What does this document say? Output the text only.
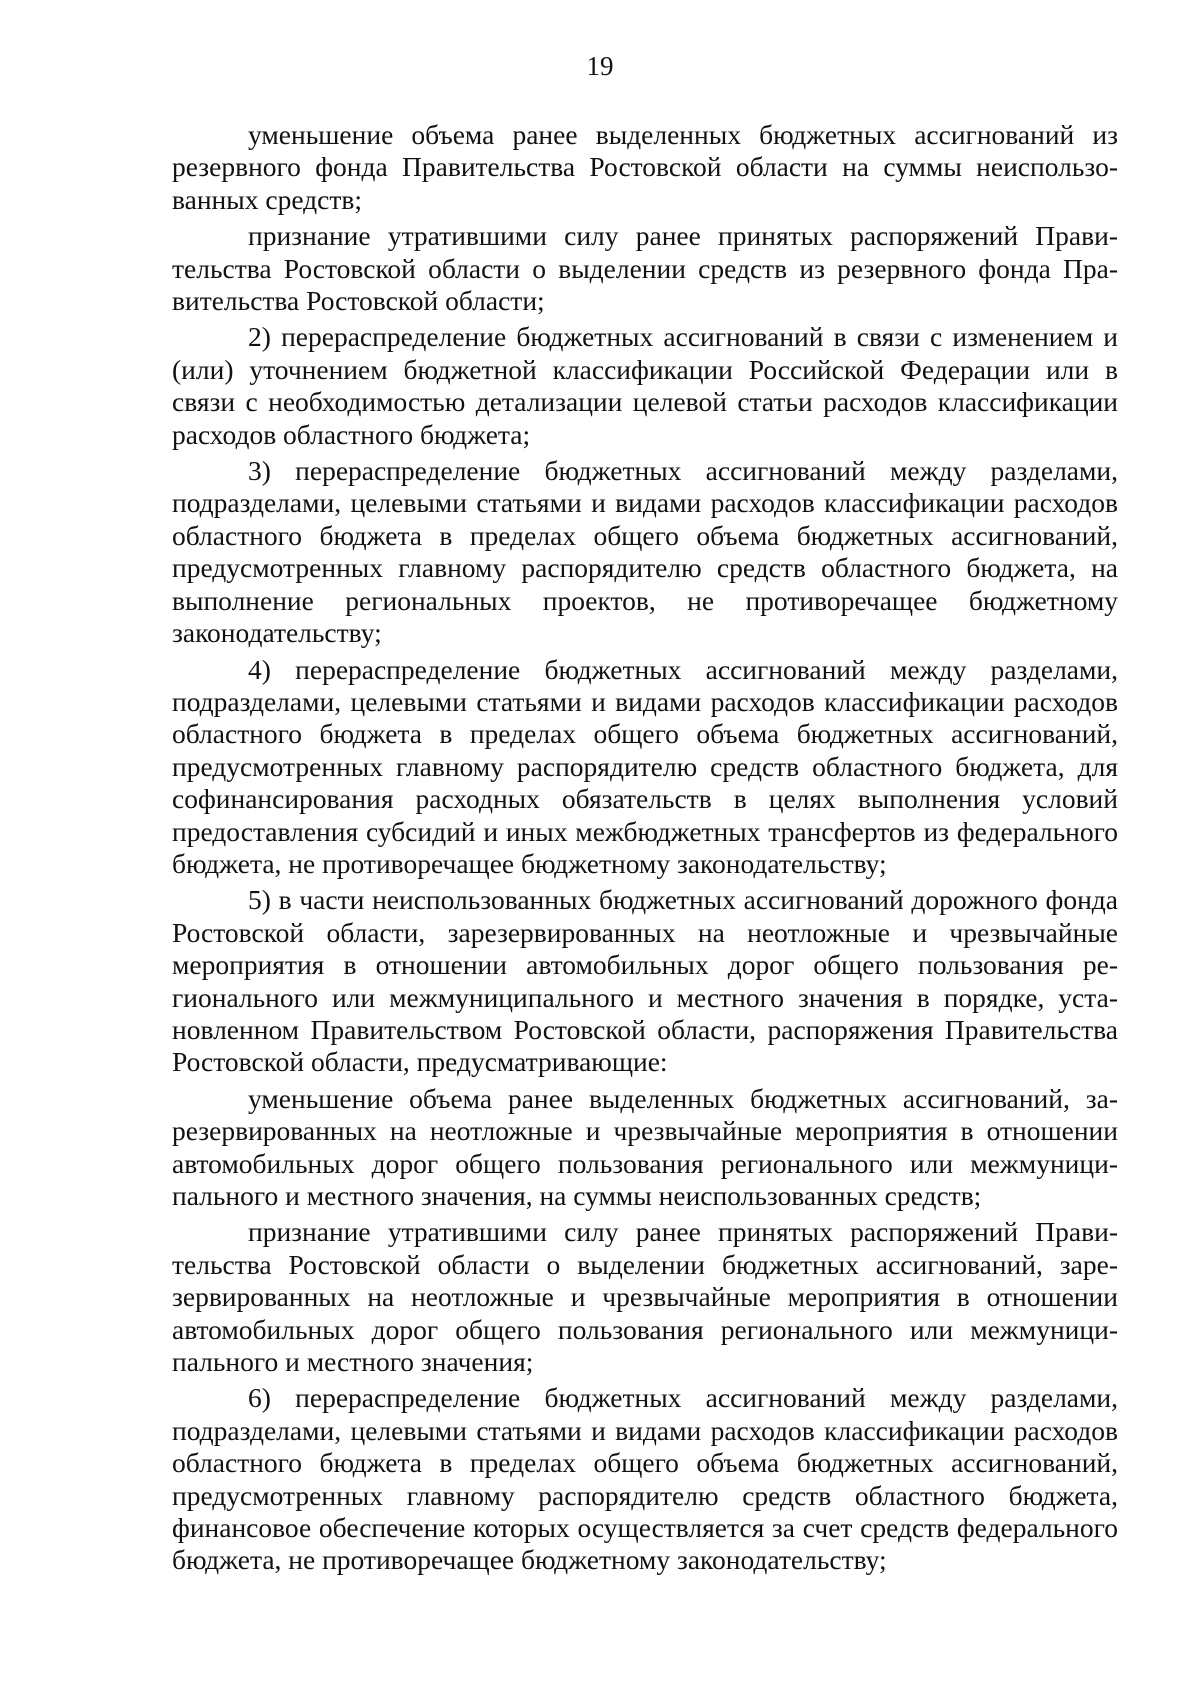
19

уменьшение объема ранее выделенных бюджетных ассигнований из резервного фонда Правительства Ростовской области на суммы неиспользованных средств;

признание утратившими силу ранее принятых распоряжений Правительства Ростовской области о выделении средств из резервного фонда Правительства Ростовской области;

2) перераспределение бюджетных ассигнований в связи с изменением и (или) уточнением бюджетной классификации Российской Федерации или в связи с необходимостью детализации целевой статьи расходов классификации расходов областного бюджета;

3) перераспределение бюджетных ассигнований между разделами, подразделами, целевыми статьями и видами расходов классификации расходов областного бюджета в пределах общего объема бюджетных ассигнований, предусмотренных главному распорядителю средств областного бюджета, на выполнение региональных проектов, не противоречащее бюджетному законодательству;

4) перераспределение бюджетных ассигнований между разделами, подразделами, целевыми статьями и видами расходов классификации расходов областного бюджета в пределах общего объема бюджетных ассигнований, предусмотренных главному распорядителю средств областного бюджета, для софинансирования расходных обязательств в целях выполнения условий предоставления субсидий и иных межбюджетных трансфертов из федерального бюджета, не противоречащее бюджетному законодательству;

5) в части неиспользованных бюджетных ассигнований дорожного фонда Ростовской области, зарезервированных на неотложные и чрезвычайные мероприятия в отношении автомобильных дорог общего пользования регионального или межмуниципального и местного значения в порядке, установленном Правительством Ростовской области, распоряжения Правительства Ростовской области, предусматривающие:

уменьшение объема ранее выделенных бюджетных ассигнований, зарезервированных на неотложные и чрезвычайные мероприятия в отношении автомобильных дорог общего пользования регионального или межмуниципального и местного значения, на суммы неиспользованных средств;

признание утратившими силу ранее принятых распоряжений Правительства Ростовской области о выделении бюджетных ассигнований, зарезервированных на неотложные и чрезвычайные мероприятия в отношении автомобильных дорог общего пользования регионального или межмуниципального и местного значения;

6) перераспределение бюджетных ассигнований между разделами, подразделами, целевыми статьями и видами расходов классификации расходов областного бюджета в пределах общего объема бюджетных ассигнований, предусмотренных главному распорядителю средств областного бюджета, финансовое обеспечение которых осуществляется за счет средств федерального бюджета, не противоречащее бюджетному законодательству;
